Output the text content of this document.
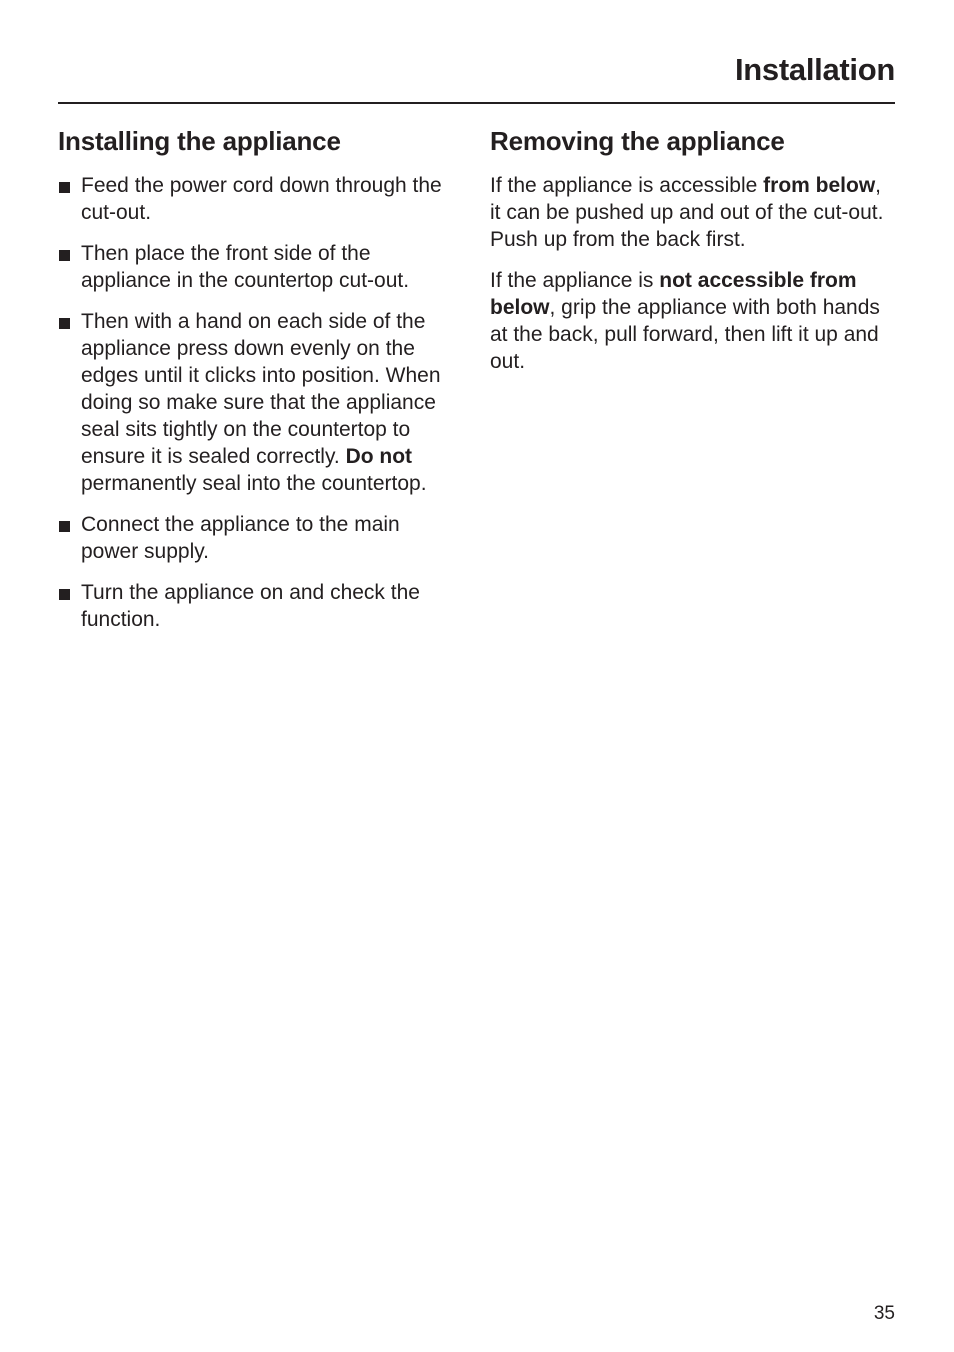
Installation
Installing the appliance
Feed the power cord down through the cut-out.
Then place the front side of the appliance in the countertop cut-out.
Then with a hand on each side of the appliance press down evenly on the edges until it clicks into position. When doing so make sure that the appliance seal sits tightly on the countertop to ensure it is sealed correctly. Do not permanently seal into the countertop.
Connect the appliance to the main power supply.
Turn the appliance on and check the function.
Removing the appliance

If the appliance is accessible from below, it can be pushed up and out of the cut-out. Push up from the back first.

If the appliance is not accessible from below, grip the appliance with both hands at the back, pull forward, then lift it up and out.

35
